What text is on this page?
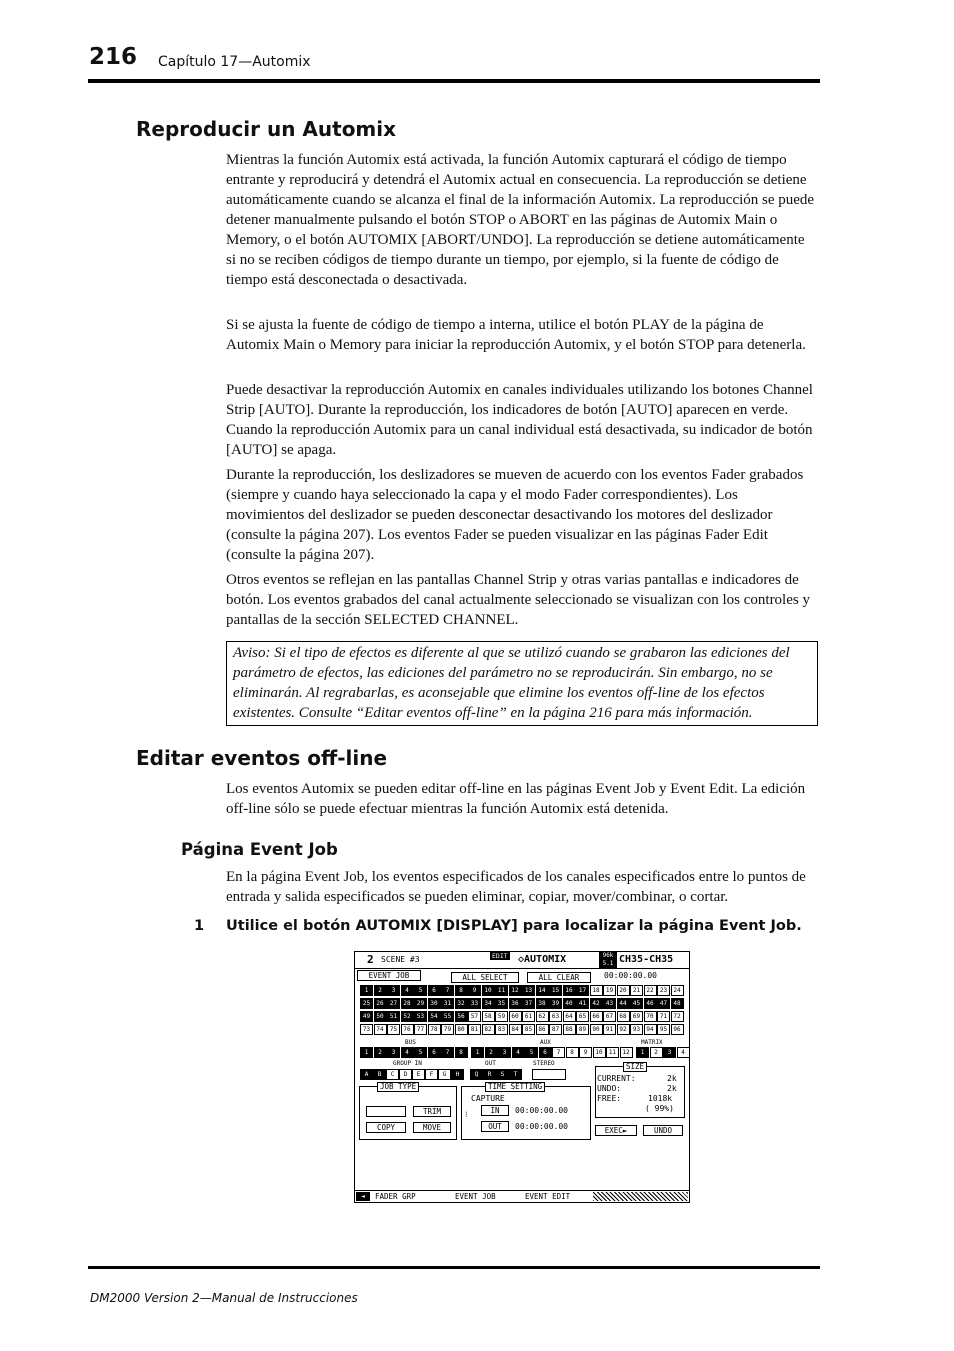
216 Capítulo 17—Automix
Reproducir un Automix

Mientras la función Automix está activada, la función Automix capturará el código de tiempo entrante y reproducirá y detendrá el Automix actual en consecuencia. La reproducción se detiene automáticamente cuando se alcanza el final de la información Automix. La reproducción se puede detener manualmente pulsando el botón STOP o ABORT en las páginas de Automix Main o Memory, o el botón AUTOMIX [ABORT/UNDO]. La reproducción se detiene automáticamente si no se reciben códigos de tiempo durante un tiempo, por ejemplo, si la fuente de código de tiempo está desconectada o desactivada.

Si se ajusta la fuente de código de tiempo a interna, utilice el botón PLAY de la página de Automix Main o Memory para iniciar la reproducción Automix, y el botón STOP para detenerla.

Puede desactivar la reproducción Automix en canales individuales utilizando los botones Channel Strip [AUTO]. Durante la reproducción, los indicadores de botón [AUTO] aparecen en verde. Cuando la reproducción Automix para un canal individual está desactivada, su indicador de botón [AUTO] se apaga.

Durante la reproducción, los deslizadores se mueven de acuerdo con los eventos Fader grabados (siempre y cuando haya seleccionado la capa y el modo Fader correspondientes). Los movimientos del deslizador se pueden desconectar desactivando los motores del deslizador (consulte la página 207). Los eventos Fader se pueden visualizar en las páginas Fader Edit (consulte la página 207).

Otros eventos se reflejan en las pantallas Channel Strip y otras varias pantallas e indicadores de botón. Los eventos grabados del canal actualmente seleccionado se visualizan con los controles y pantallas de la sección SELECTED CHANNEL.

Aviso: Si el tipo de efectos es diferente al que se utilizó cuando se grabaron las ediciones del parámetro de efectos, las ediciones del parámetro no se reproducirán. Sin embargo, no se eliminarán. Al regrabarlas, es aconsejable que elimine los eventos off-line de los efectos existentes. Consulte “Editar eventos off-line” en la página 216 para más información.
Editar eventos off-line

Los eventos Automix se pueden editar off-line en las páginas Event Job y Event Edit. La edición off-line sólo se puede efectuar mientras la función Automix está detenida.

Página Event Job

En la página Event Job, los eventos especificados de los canales especificados entre lo puntos de entrada y salida especificados se pueden eliminar, copiar, mover/combinar, o cortar.

1 Utilice el botón AUTOMIX [DISPLAY] para localizar la página Event Job.
2 SCENE #3	EDIT ◇AUTOMIX	96k
5.1 CH35-CH35
EVENT JOB	ALL SELECT	ALL CLEAR	00:00:00.00
1	2	3	4	5	6	7	8	9	10	11	12	13	14	15	16	17	18	19	20	21	22	23	24
25	26	27	28	29	30	31	32	33	34	35	36	37	38	39	40	41	42	43	44	45	46	47	48
49	50	51	52	53	54	55	56	57	58	59	60	61	62	63	64	65	66	67	68	69	70	71	72
73	74	75	76	77	78	79	80	81	82	83	84	85	86	87	88	89	90	91	92	93	94	95	96
BUS	AUX	MATRIX
1	2	3	4	5	6	7	8	1	2	3	4	5	6	7	8	9	10	11	12	1	2	3	4
GROUP IN	OUT	STEREO
A	B	C	D	E	F	G	H	Q	R	S	T	STEREO
JOB TYPE
ERASE	TRIM
COPY	MOVE
TIME SETTING
CAPTURE
⁝	IN	00:00:00.00
OUT	00:00:00.00
SIZE
CURRENT:	2k
UNDO:	2k
FREE:	1018k
( 99%)
EXEC►	UNDO
◄	FADER GRP	EVENT JOB	EVENT EDIT
DM2000 Version 2—Manual de Instrucciones
